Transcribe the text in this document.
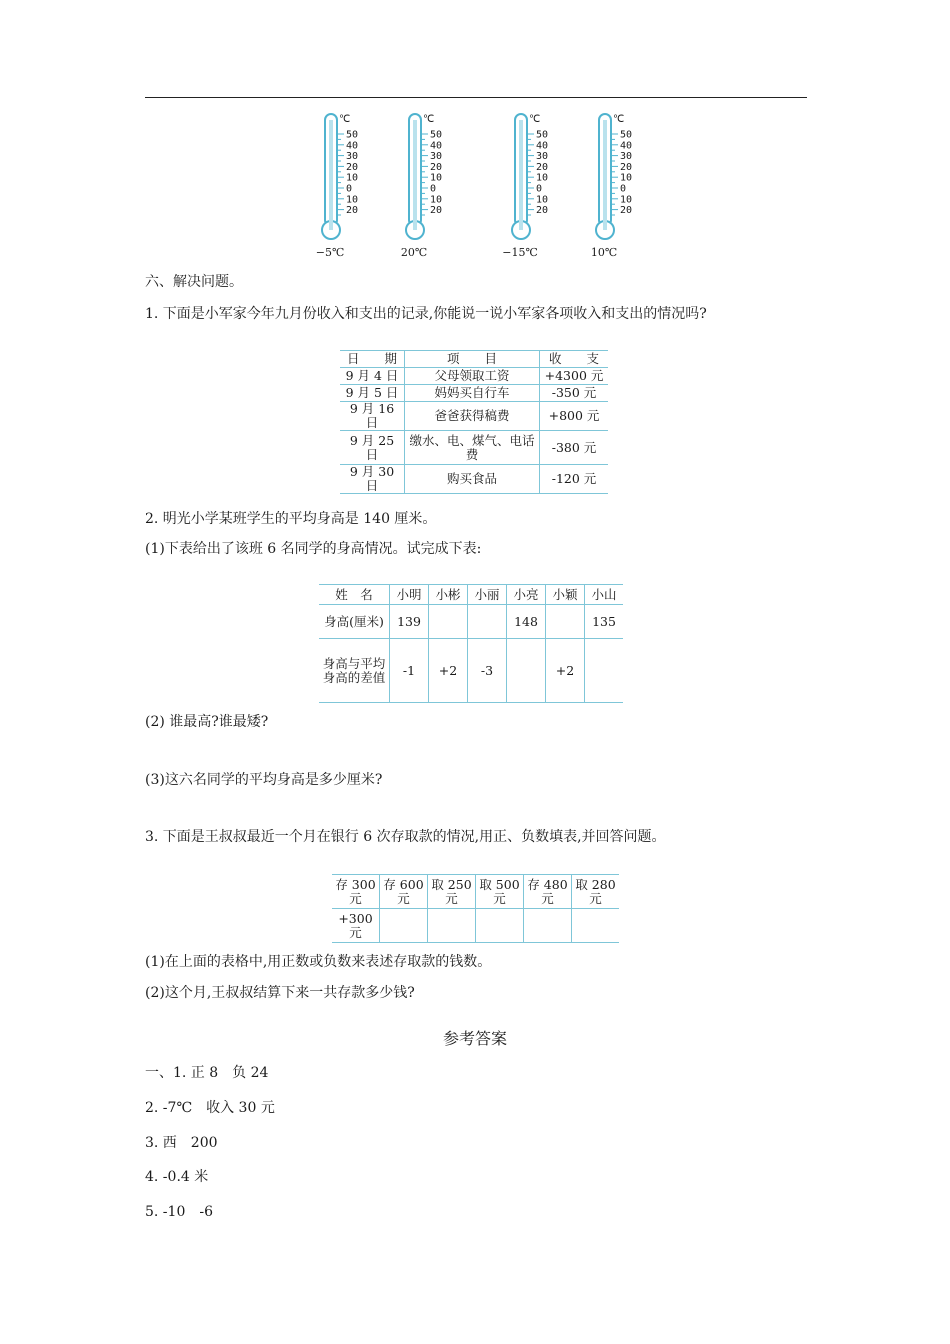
℃
50
40
30
20
10
0
10
20
−5℃
℃
50
40
30
20
10
0
10
20
20℃
℃
50
40
30
20
10
0
10
20
−15℃
℃
50
40
30
20
10
0
10
20
10℃
六、解决问题。
1. 下面是小军家今年九月份收入和支出的记录,你能说一说小军家各项收入和支出的情况吗?
日　　期	项　　目	收　　支
9 月 4 日	父母领取工资	+4300 元
9 月 5 日	妈妈买自行车	-350 元
9 月 16 日	爸爸获得稿费	+800 元
9 月 25 日	缴水、电、煤气、电话费	-380 元
9 月 30 日	购买食品	-120 元
2. 明光小学某班学生的平均身高是 140 厘米。
(1)下表给出了该班 6 名同学的身高情况。试完成下表:
姓　名	小明	小彬	小丽	小亮	小颖	小山
身高(厘米)	139			148		135
身高与平均身高的差值	-1	+2	-3		+2	
(2) 谁最高?谁最矮?
(3)这六名同学的平均身高是多少厘米?
3. 下面是王叔叔最近一个月在银行 6 次存取款的情况,用正、负数填表,并回答问题。
存 300 元	存 600 元	取 250 元	取 500 元	存 480 元	取 280 元
+300 元					
(1)在上面的表格中,用正数或负数来表述存取款的钱数。
(2)这个月,王叔叔结算下来一共存款多少钱?
参考答案
一、1. 正 8　负 24
2. -7℃　收入 30 元
3. 西　200
4. -0.4 米
5. -10　-6
